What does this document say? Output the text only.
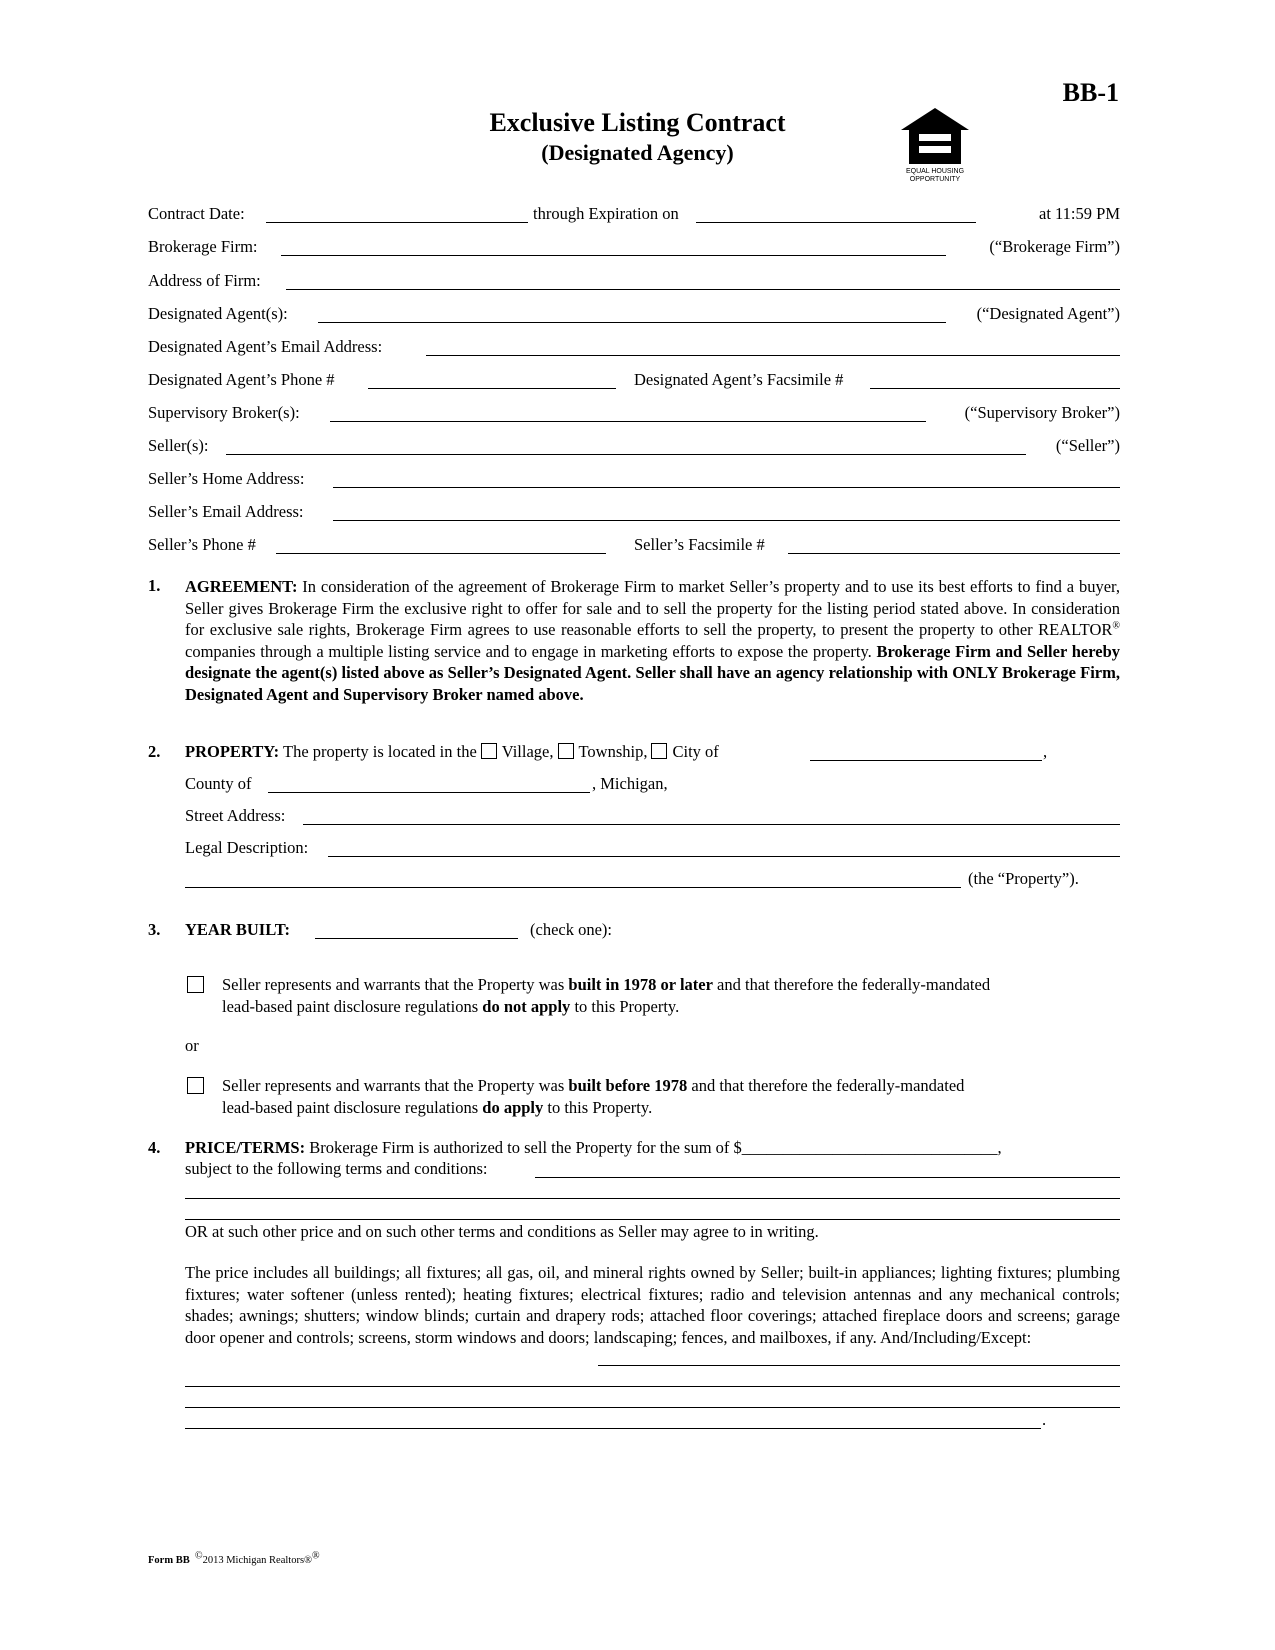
BB-1
Exclusive Listing Contract
(Designated Agency)
EQUAL HOUSING
OPPORTUNITY
Contract Date:	through Expiration on	at 11:59 PM
Brokerage Firm:	(“Brokerage Firm”)
Address of Firm:
Designated Agent(s):	(“Designated Agent”)
Designated Agent’s Email Address:
Designated Agent’s Phone #	Designated Agent’s Facsimile #
Supervisory Broker(s):	(“Supervisory Broker”)
Seller(s):	(“Seller”)
Seller’s Home Address:
Seller’s Email Address:
Seller’s Phone #	Seller’s Facsimile #
1. AGREEMENT: In consideration of the agreement of Brokerage Firm to market Seller’s property and to use its best efforts to find a buyer, Seller gives Brokerage Firm the exclusive right to offer for sale and to sell the property for the listing period stated above. In consideration for exclusive sale rights, Brokerage Firm agrees to use reasonable efforts to sell the property, to present the property to other REALTOR® companies through a multiple listing service and to engage in marketing efforts to expose the property. Brokerage Firm and Seller hereby designate the agent(s) listed above as Seller’s Designated Agent. Seller shall have an agency relationship with ONLY Brokerage Firm, Designated Agent and Supervisory Broker named above.
2. PROPERTY: The property is located in the Village, Township, City of	,
County of	, Michigan,
Street Address:
Legal Description:
(the “Property”).
3. YEAR BUILT:	(check one):
Seller represents and warrants that the Property was built in 1978 or later and that therefore the federally-mandated lead-based paint disclosure regulations do not apply to this Property.
or
Seller represents and warrants that the Property was built before 1978 and that therefore the federally-mandated lead-based paint disclosure regulations do apply to this Property.
4. PRICE/TERMS: Brokerage Firm is authorized to sell the Property for the sum of $_______________________________,
subject to the following terms and conditions:
OR at such other price and on such other terms and conditions as Seller may agree to in writing.
The price includes all buildings; all fixtures; all gas, oil, and mineral rights owned by Seller; built-in appliances; lighting fixtures; plumbing fixtures; water softener (unless rented); heating fixtures; electrical fixtures; radio and television antennas and any mechanical controls; shades; awnings; shutters; window blinds; curtain and drapery rods; attached floor coverings; attached fireplace doors and screens; garage door opener and controls; screens, storm windows and doors; landscaping; fences, and mailboxes, if any. And/Including/Except:
.
Form BB ©2013 Michigan Realtors®®
